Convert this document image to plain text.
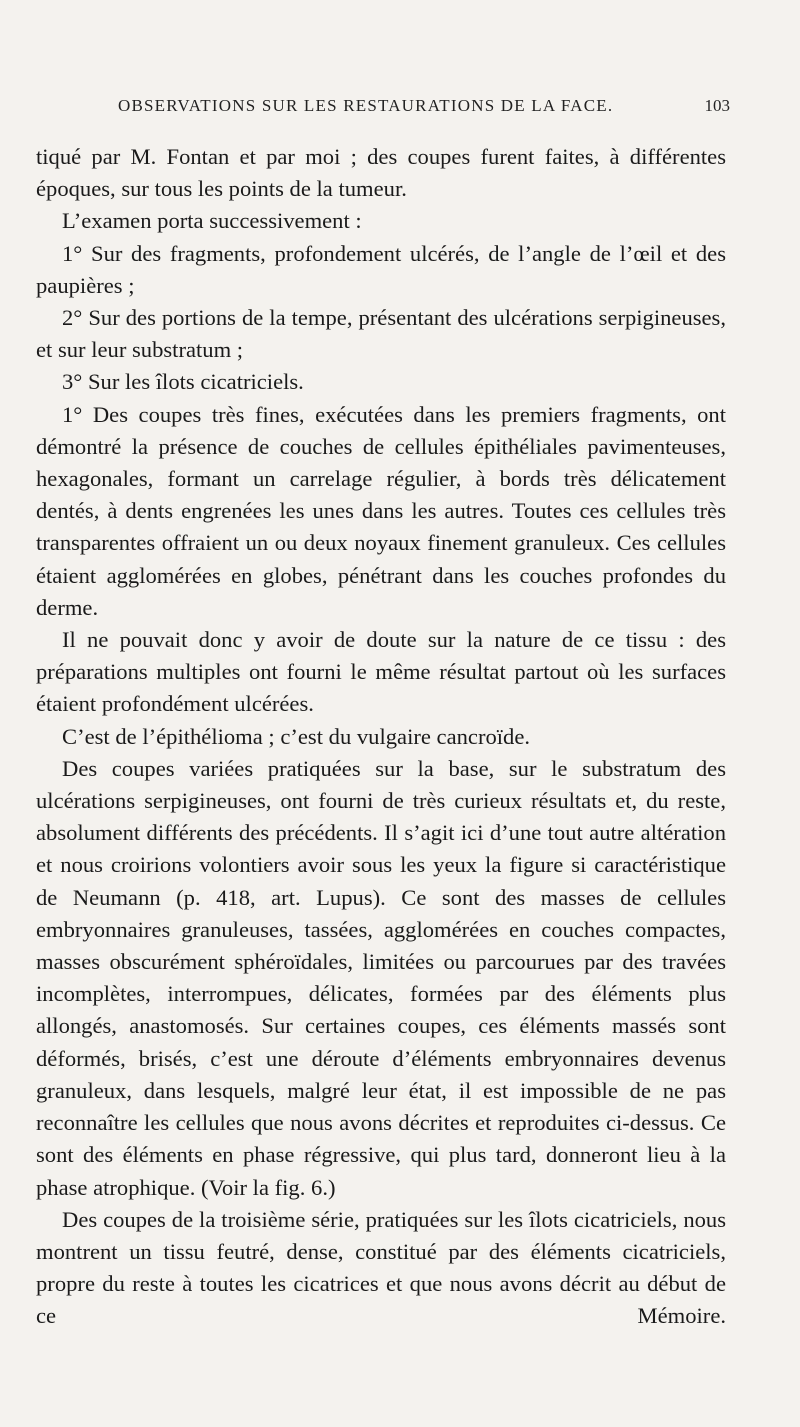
OBSERVATIONS SUR LES RESTAURATIONS DE LA FACE.	103

tiqué par M. Fontan et par moi ; des coupes furent faites, à différentes époques, sur tous les points de la tumeur.

L’examen porta successivement :

1° Sur des fragments, profondement ulcérés, de l’angle de l’œil et des paupières ;

2° Sur des portions de la tempe, présentant des ulcérations serpigineuses, et sur leur substratum ;

3° Sur les îlots cicatriciels.

1° Des coupes très fines, exécutées dans les premiers fragments, ont démontré la présence de couches de cellules épithéliales pavimenteuses, hexagonales, formant un carrelage régulier, à bords très délicatement dentés, à dents engrenées les unes dans les autres. Toutes ces cellules très transparentes offraient un ou deux noyaux finement granuleux. Ces cellules étaient agglomérées en globes, pénétrant dans les couches profondes du derme.

Il ne pouvait donc y avoir de doute sur la nature de ce tissu : des préparations multiples ont fourni le même résultat partout où les surfaces étaient profondément ulcérées.

C’est de l’épithélioma ; c’est du vulgaire cancroïde.

Des coupes variées pratiquées sur la base, sur le substratum des ulcérations serpigineuses, ont fourni de très curieux résultats et, du reste, absolument différents des précédents. Il s’agit ici d’une tout autre altération et nous croirions volontiers avoir sous les yeux la figure si caractéristique de Neumann (p. 418, art. Lupus). Ce sont des masses de cellules embryonnaires granuleuses, tassées, agglomérées en couches compactes, masses obscurément sphéroïdales, limitées ou parcourues par des travées incomplètes, interrompues, délicates, formées par des éléments plus allongés, anastomosés. Sur certaines coupes, ces éléments massés sont déformés, brisés, c’est une déroute d’éléments embryonnaires devenus granuleux, dans lesquels, malgré leur état, il est impossible de ne pas reconnaître les cellules que nous avons décrites et reproduites ci-dessus. Ce sont des éléments en phase régressive, qui plus tard, donneront lieu à la phase atrophique. (Voir la fig. 6.)

Des coupes de la troisième série, pratiquées sur les îlots cicatriciels, nous montrent un tissu feutré, dense, constitué par des éléments cicatriciels, propre du reste à toutes les cicatrices et que nous avons décrit au début de ce Mémoire.
